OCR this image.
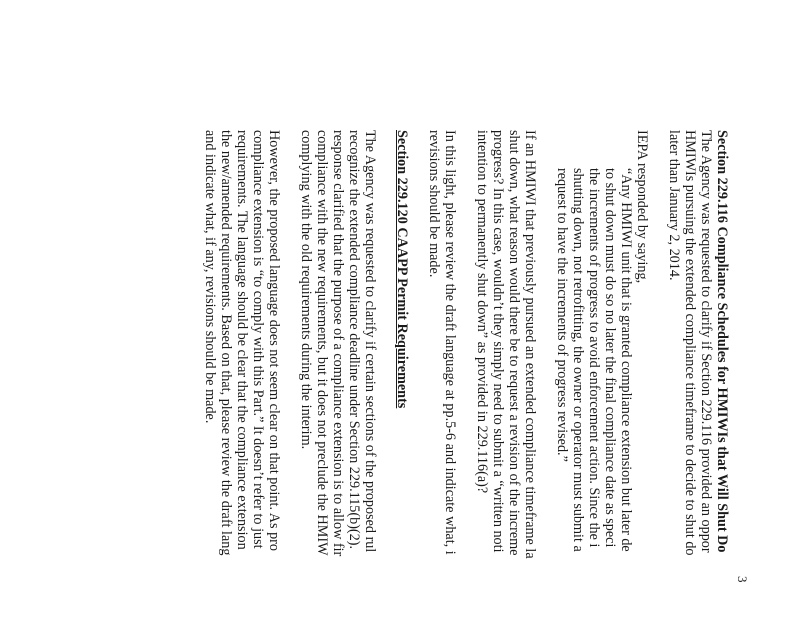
3
Section 229.116 Compliance Schedules for HMIWIs that Will Shut Do
The Agency was requested to clarify if Section 229.116 provided an oppor
HMIWIs pursuing the extended compliance timeframe to decide to shut do
later than January 2, 2014.
IEPA responded by saying,
“Any HMIWI unit that is granted compliance extension but later de
to shut down must do so no later the final compliance date as speci
the increments of progress to avoid enforcement action. Since the i
shutting down, not retrofitting, the owner or operator must submit a
request to have the increments of progress revised.”
If an HMIWI that previously pursued an extended compliance timeframe la
shut down, what reason would there be to request a revision of the increme
progress? In this case, wouldn’t they simply need to submit a “written noti
intention to permanently shut down” as provided in 229.116(a)?
In this light, please review the draft language at pp.5-6 and indicate what, i
revisions should be made.
Section 229.120 CAAPP Permit Requirements
The Agency was requested to clarify if certain sections of the proposed rul
recognize the extended compliance deadline under Section 229.115(b)(2).
response clarified that the purpose of a compliance extension is to allow fir
compliance with the new requirements, but it does not preclude the HMIW
complying with the old requirements during the interim.
However, the proposed language does not seem clear on that point. As pro
compliance extension is “to comply with this Part.” It doesn’t refer to just
requirements. The language should be clear that the compliance extension
the new/amended requirements. Based on that, please review the draft lang
and indicate what, if any, revisions should be made.
